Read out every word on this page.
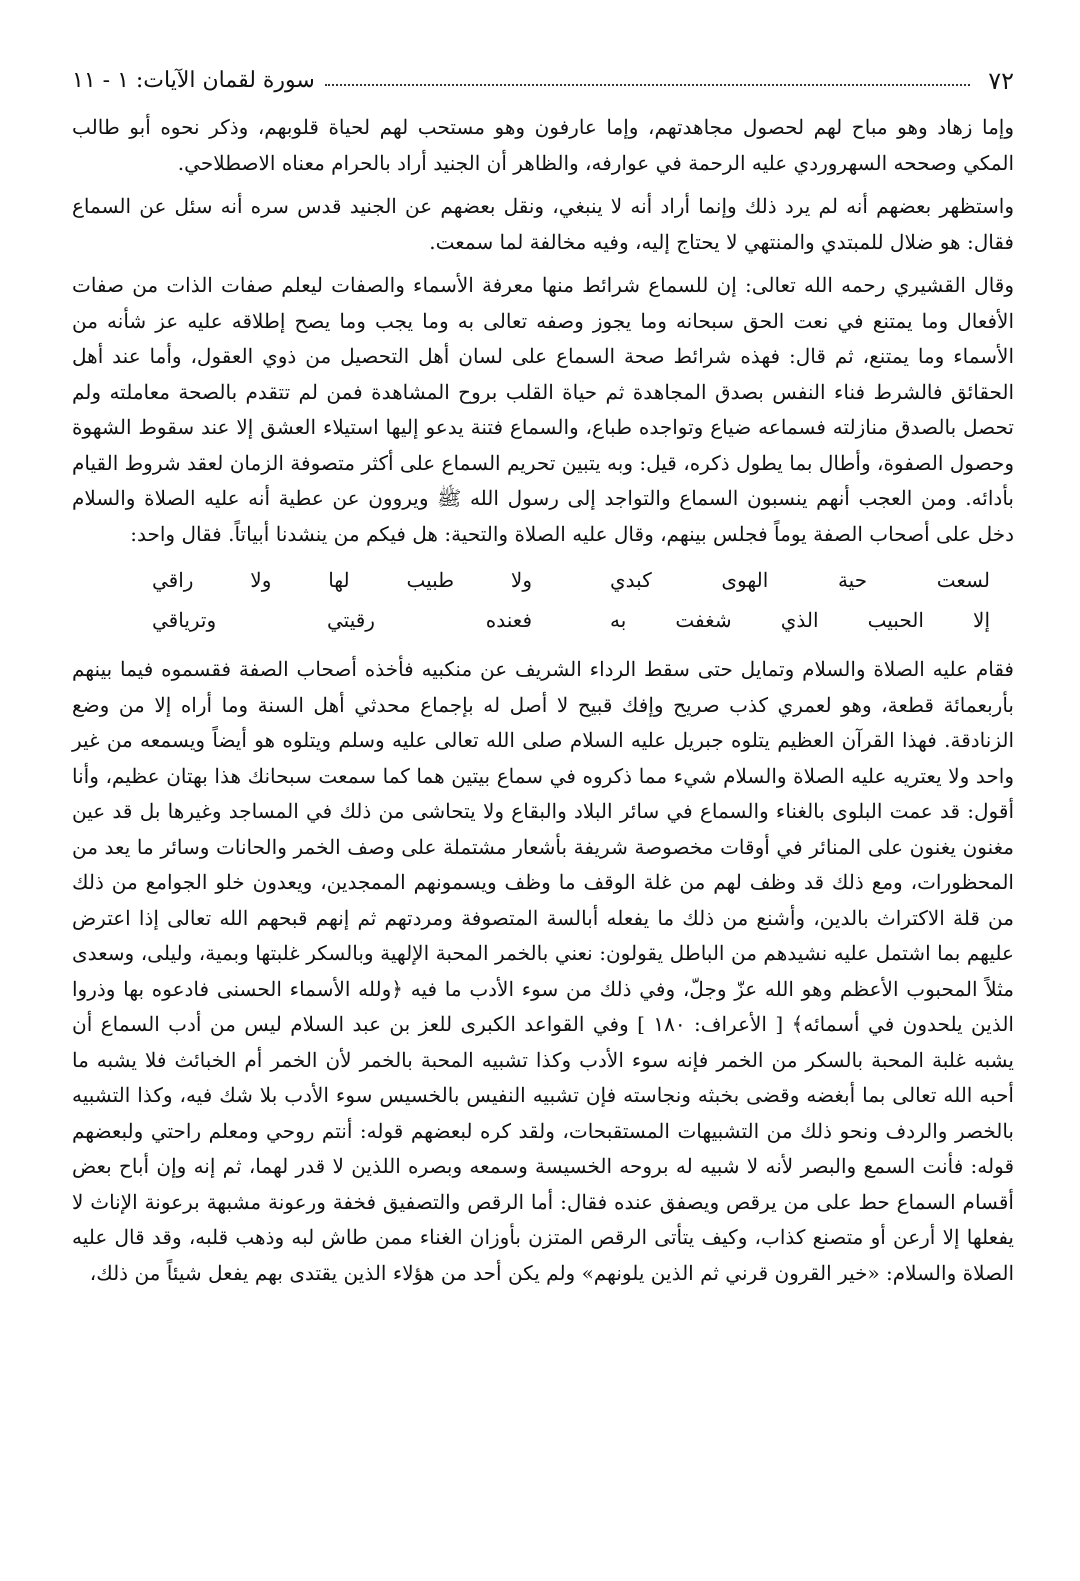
٧٢
سورة لقمان الآيات: ١ - ١١

وإما زهاد وهو مباح لهم لحصول مجاهدتهم، وإما عارفون وهو مستحب لهم لحياة قلوبهم، وذكر نحوه أبو طالب المكي وصححه السهروردي عليه الرحمة في عوارفه، والظاهر أن الجنيد أراد بالحرام معناه الاصطلاحي.

واستظهر بعضهم أنه لم يرد ذلك وإنما أراد أنه لا ينبغي، ونقل بعضهم عن الجنيد قدس سره أنه سئل عن السماع فقال: هو ضلال للمبتدي والمنتهي لا يحتاج إليه، وفيه مخالفة لما سمعت.

وقال القشيري رحمه الله تعالى: إن للسماع شرائط منها معرفة الأسماء والصفات ليعلم صفات الذات من صفات الأفعال وما يمتنع في نعت الحق سبحانه وما يجوز وصفه تعالى به وما يجب وما يصح إطلاقه عليه عز شأنه من الأسماء وما يمتنع، ثم قال: فهذه شرائط صحة السماع على لسان أهل التحصيل من ذوي العقول، وأما عند أهل الحقائق فالشرط فناء النفس بصدق المجاهدة ثم حياة القلب بروح المشاهدة فمن لم تتقدم بالصحة معاملته ولم تحصل بالصدق منازلته فسماعه ضياع وتواجده طباع، والسماع فتنة يدعو إليها استيلاء العشق إلا عند سقوط الشهوة وحصول الصفوة، وأطال بما يطول ذكره، قيل: وبه يتبين تحريم السماع على أكثر متصوفة الزمان لعقد شروط القيام بأدائه. ومن العجب أنهم ينسبون السماع والتواجد إلى رسول الله ﷺ ويروون عن عطية أنه عليه الصلاة والسلام دخل على أصحاب الصفة يوماً فجلس بينهم، وقال عليه الصلاة والتحية: هل فيكم من ينشدنا أبياتاً. فقال واحد:

لسعت حية الهوى كبدي
ولا طبيب لها ولا راقي
إلا الحبيب الذي شغفت به
فعنده رقيتي وترياقي

فقام عليه الصلاة والسلام وتمايل حتى سقط الرداء الشريف عن منكبيه فأخذه أصحاب الصفة فقسموه فيما بينهم بأربعمائة قطعة، وهو لعمري كذب صريح وإفك قبيح لا أصل له بإجماع محدثي أهل السنة وما أراه إلا من وضع الزنادقة. فهذا القرآن العظيم يتلوه جبريل عليه السلام صلى الله تعالى عليه وسلم ويتلوه هو أيضاً ويسمعه من غير واحد ولا يعتريه عليه الصلاة والسلام شيء مما ذكروه في سماع بيتين هما كما سمعت سبحانك هذا بهتان عظيم، وأنا أقول: قد عمت البلوى بالغناء والسماع في سائر البلاد والبقاع ولا يتحاشى من ذلك في المساجد وغيرها بل قد عين مغنون يغنون على المنائر في أوقات مخصوصة شريفة بأشعار مشتملة على وصف الخمر والحانات وسائر ما يعد من المحظورات، ومع ذلك قد وظف لهم من غلة الوقف ما وظف ويسمونهم الممجدين، ويعدون خلو الجوامع من ذلك من قلة الاكتراث بالدين، وأشنع من ذلك ما يفعله أبالسة المتصوفة ومردتهم ثم إنهم قبحهم الله تعالى إذا اعترض عليهم بما اشتمل عليه نشيدهم من الباطل يقولون: نعني بالخمر المحبة الإلهية وبالسكر غلبتها وبمية، وليلى، وسعدى مثلاً المحبوب الأعظم وهو الله عزّ وجلّ، وفي ذلك من سوء الأدب ما فيه ﴿ولله الأسماء الحسنى فادعوه بها وذروا الذين يلحدون في أسمائه﴾ [ الأعراف: ١٨٠ ] وفي القواعد الكبرى للعز بن عبد السلام ليس من أدب السماع أن يشبه غلبة المحبة بالسكر من الخمر فإنه سوء الأدب وكذا تشبيه المحبة بالخمر لأن الخمر أم الخبائث فلا يشبه ما أحبه الله تعالى بما أبغضه وقضى بخبثه ونجاسته فإن تشبيه النفيس بالخسيس سوء الأدب بلا شك فيه، وكذا التشبيه بالخصر والردف ونحو ذلك من التشبيهات المستقبحات، ولقد كره لبعضهم قوله: أنتم روحي ومعلم راحتي ولبعضهم قوله: فأنت السمع والبصر لأنه لا شبيه له بروحه الخسيسة وسمعه وبصره اللذين لا قدر لهما، ثم إنه وإن أباح بعض أقسام السماع حط على من يرقص ويصفق عنده فقال: أما الرقص والتصفيق فخفة ورعونة مشبهة برعونة الإناث لا يفعلها إلا أرعن أو متصنع كذاب، وكيف يتأتى الرقص المتزن بأوزان الغناء ممن طاش لبه وذهب قلبه، وقد قال عليه الصلاة والسلام: «خير القرون قرني ثم الذين يلونهم» ولم يكن أحد من هؤلاء الذين يقتدى بهم يفعل شيئاً من ذلك،
